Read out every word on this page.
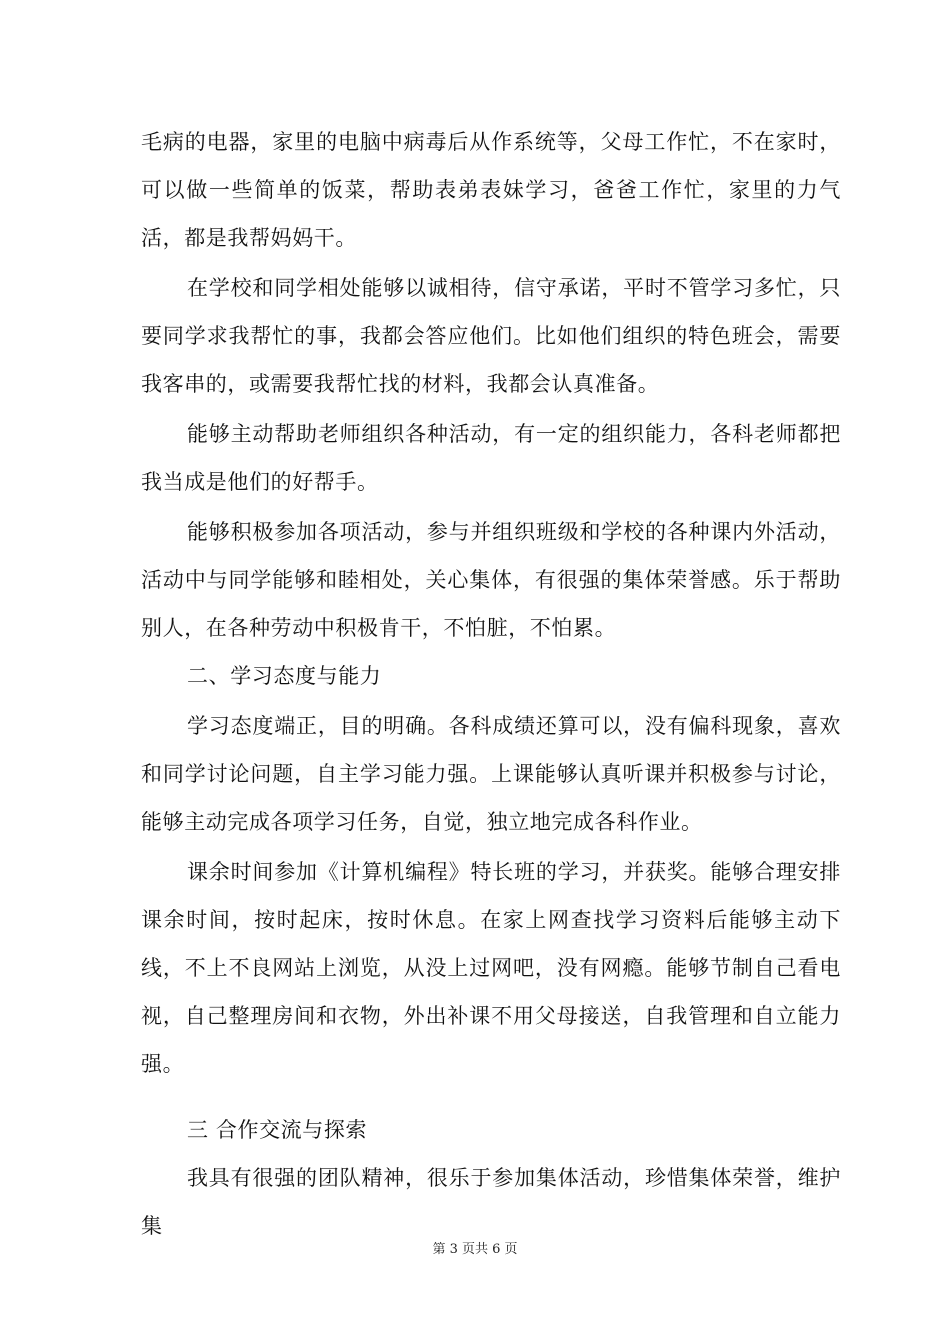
毛病的电器，家里的电脑中病毒后从作系统等，父母工作忙，不在家时，可以做一些简单的饭菜，帮助表弟表妹学习，爸爸工作忙，家里的力气活，都是我帮妈妈干。

在学校和同学相处能够以诚相待，信守承诺，平时不管学习多忙，只要同学求我帮忙的事，我都会答应他们。比如他们组织的特色班会，需要我客串的，或需要我帮忙找的材料，我都会认真准备。

能够主动帮助老师组织各种活动，有一定的组织能力，各科老师都把我当成是他们的好帮手。

能够积极参加各项活动，参与并组织班级和学校的各种课内外活动，活动中与同学能够和睦相处，关心集体，有很强的集体荣誉感。乐于帮助别人，在各种劳动中积极肯干，不怕脏，不怕累。

二、学习态度与能力

学习态度端正，目的明确。各科成绩还算可以，没有偏科现象，喜欢和同学讨论问题，自主学习能力强。上课能够认真听课并积极参与讨论，能够主动完成各项学习任务，自觉，独立地完成各科作业。

课余时间参加《计算机编程》特长班的学习，并获奖。能够合理安排课余时间，按时起床，按时休息。在家上网查找学习资料后能够主动下线，不上不良网站上浏览，从没上过网吧，没有网瘾。能够节制自己看电视，自己整理房间和衣物，外出补课不用父母接送，自我管理和自立能力强。

三 合作交流与探索

我具有很强的团队精神，很乐于参加集体活动，珍惜集体荣誉，维护集

第 3 页共 6 页
